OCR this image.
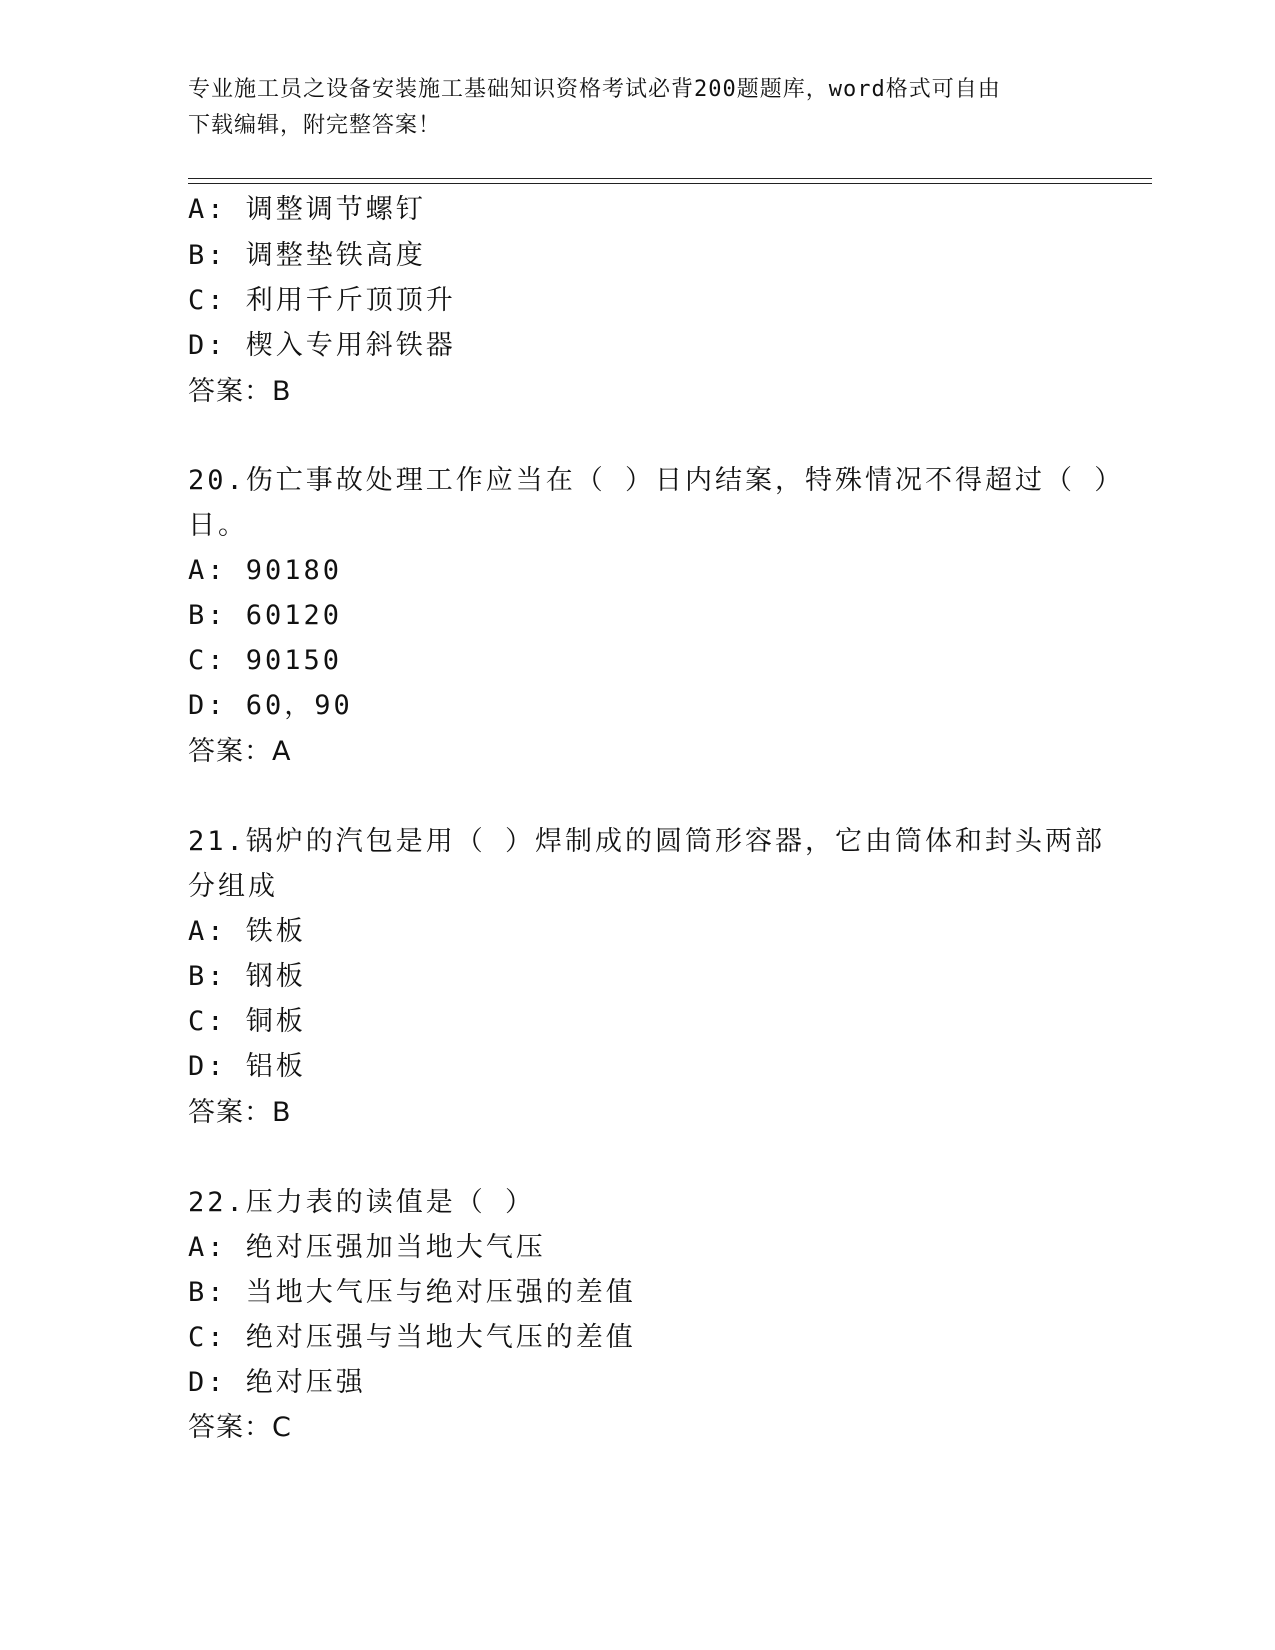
专业施工员之设备安装施工基础知识资格考试必背200题题库，word格式可自由
下载编辑，附完整答案！

A: 调整调节螺钉

B: 调整垫铁高度

C: 利用千斤顶顶升

D: 楔入专用斜铁器

答案：B

20.伤亡事故处理工作应当在（ ）日内结案，特殊情况不得超过（ ）

日。

A: 90180

B: 60120

C: 90150

D: 60，90

答案：A

21.锅炉的汽包是用（ ）焊制成的圆筒形容器，它由筒体和封头两部

分组成

A: 铁板

B: 钢板

C: 铜板

D: 铝板

答案：B

22.压力表的读值是（ ）

A: 绝对压强加当地大气压

B: 当地大气压与绝对压强的差值

C: 绝对压强与当地大气压的差值

D: 绝对压强

答案：C
